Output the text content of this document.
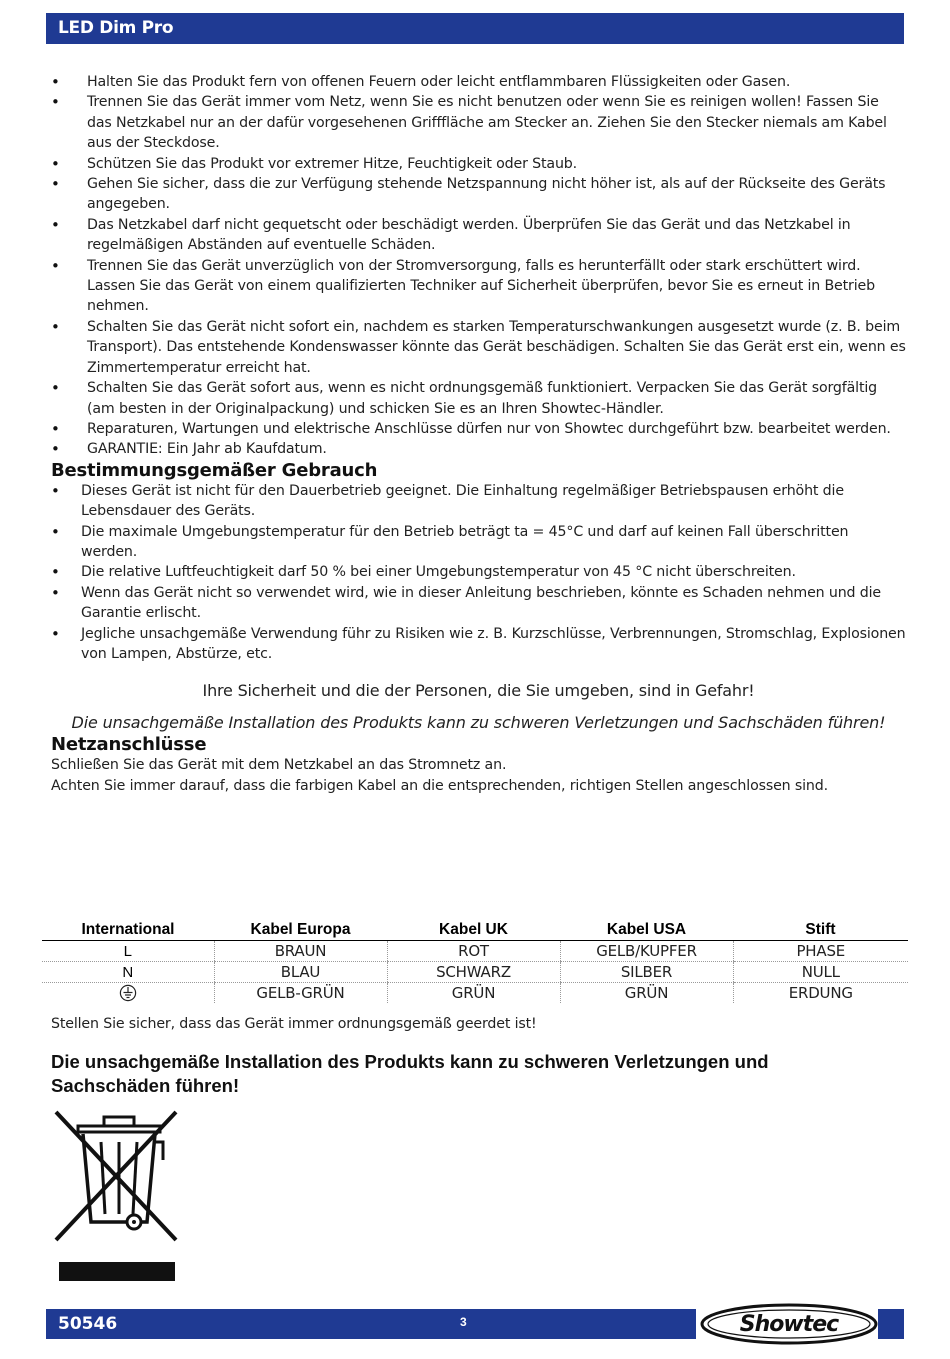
LED Dim Pro
• Halten Sie das Produkt fern von offenen Feuern oder leicht entflammbaren Flüssigkeiten oder Gasen.
• Trennen Sie das Gerät immer vom Netz, wenn Sie es nicht benutzen oder wenn Sie es reinigen wollen! Fassen Sie das Netzkabel nur an der dafür vorgesehenen Grifffläche am Stecker an. Ziehen Sie den Stecker niemals am Kabel aus der Steckdose.
• Schützen Sie das Produkt vor extremer Hitze, Feuchtigkeit oder Staub.
• Gehen Sie sicher, dass die zur Verfügung stehende Netzspannung nicht höher ist, als auf der Rückseite des Geräts angegeben.
• Das Netzkabel darf nicht gequetscht oder beschädigt werden. Überprüfen Sie das Gerät und das Netzkabel in regelmäßigen Abständen auf eventuelle Schäden.
• Trennen Sie das Gerät unverzüglich von der Stromversorgung, falls es herunterfällt oder stark erschüttert wird. Lassen Sie das Gerät von einem qualifizierten Techniker auf Sicherheit überprüfen, bevor Sie es erneut in Betrieb nehmen.
• Schalten Sie das Gerät nicht sofort ein, nachdem es starken Temperaturschwankungen ausgesetzt wurde (z. B. beim Transport). Das entstehende Kondenswasser könnte das Gerät beschädigen. Schalten Sie das Gerät erst ein, wenn es Zimmertemperatur erreicht hat.
• Schalten Sie das Gerät sofort aus, wenn es nicht ordnungsgemäß funktioniert. Verpacken Sie das Gerät sorgfältig (am besten in der Originalpackung) und schicken Sie es an Ihren Showtec-Händler.
• Reparaturen, Wartungen und elektrische Anschlüsse dürfen nur von Showtec durchgeführt bzw. bearbeitet werden.
• GARANTIE: Ein Jahr ab Kaufdatum.
Bestimmungsgemäßer Gebrauch
• Dieses Gerät ist nicht für den Dauerbetrieb geeignet. Die Einhaltung regelmäßiger Betriebspausen erhöht die Lebensdauer des Geräts.
• Die maximale Umgebungstemperatur für den Betrieb beträgt ta = 45°C und darf auf keinen Fall überschritten werden.
• Die relative Luftfeuchtigkeit darf 50 % bei einer Umgebungstemperatur von 45 °C nicht überschreiten.
• Wenn das Gerät nicht so verwendet wird, wie in dieser Anleitung beschrieben, könnte es Schaden nehmen und die Garantie erlischt.
• Jegliche unsachgemäße Verwendung führ zu Risiken wie z. B. Kurzschlüsse, Verbrennungen, Stromschlag, Explosionen von Lampen, Abstürze, etc.
Ihre Sicherheit und die der Personen, die Sie umgeben, sind in Gefahr!
Die unsachgemäße Installation des Produkts kann zu schweren Verletzungen und Sachschäden führen!
Netzanschlüsse
Schließen Sie das Gerät mit dem Netzkabel an das Stromnetz an.
Achten Sie immer darauf, dass die farbigen Kabel an die entsprechenden, richtigen Stellen angeschlossen sind.
International	Kabel Europa	Kabel UK	Kabel USA	Stift
L	BRAUN	ROT	GELB/KUPFER	PHASE
N	BLAU	SCHWARZ	SILBER	NULL
	GELB-GRÜN	GRÜN	GRÜN	ERDUNG
Stellen Sie sicher, dass das Gerät immer ordnungsgemäß geerdet ist!
Die unsachgemäße Installation des Produkts kann zu schweren Verletzungen und Sachschäden führen!
50546	3	Showtec
